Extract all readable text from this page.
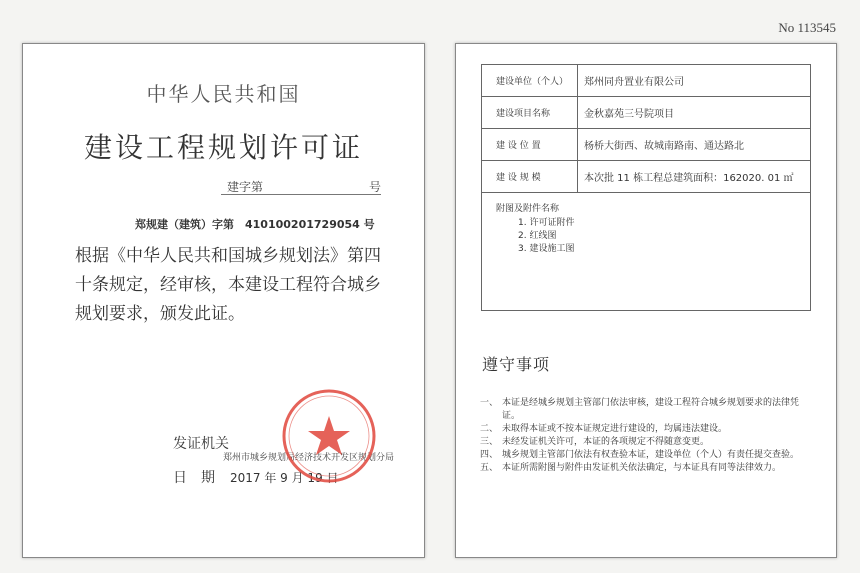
No 113545
中华人民共和国
建设工程规划许可证
建字第	号
郑规建（建筑）字第　410100201729054 号
根据《中华人民共和国城乡规划法》第四十条规定，经审核，本建设工程符合城乡规划要求，颁发此证。
发证机关
郑州市城乡规划局经济技术开发区规划分局
日期 2017 年 9 月 19 日
建设单位（个人）	郑州同舟置业有限公司
建设项目名称	金秋嘉苑三号院项目
建 设 位 置	杨桥大街西、故城南路南、通达路北
建 设 规 模	本次批 11 栋工程总建筑面积：162020. 01 ㎡
附图及附件名称
1. 许可证附件
2. 红线图
3. 建设施工图
遵守事项
一、 本证是经城乡规划主管部门依法审核，建设工程符合城乡规划要求的法律凭证。
二、 未取得本证或不按本证规定进行建设的，均属违法建设。
三、 未经发证机关许可，本证的各项规定不得随意变更。
四、 城乡规划主管部门依法有权查验本证，建设单位（个人）有责任提交查验。
五、 本证所需附图与附件由发证机关依法确定，与本证具有同等法律效力。
